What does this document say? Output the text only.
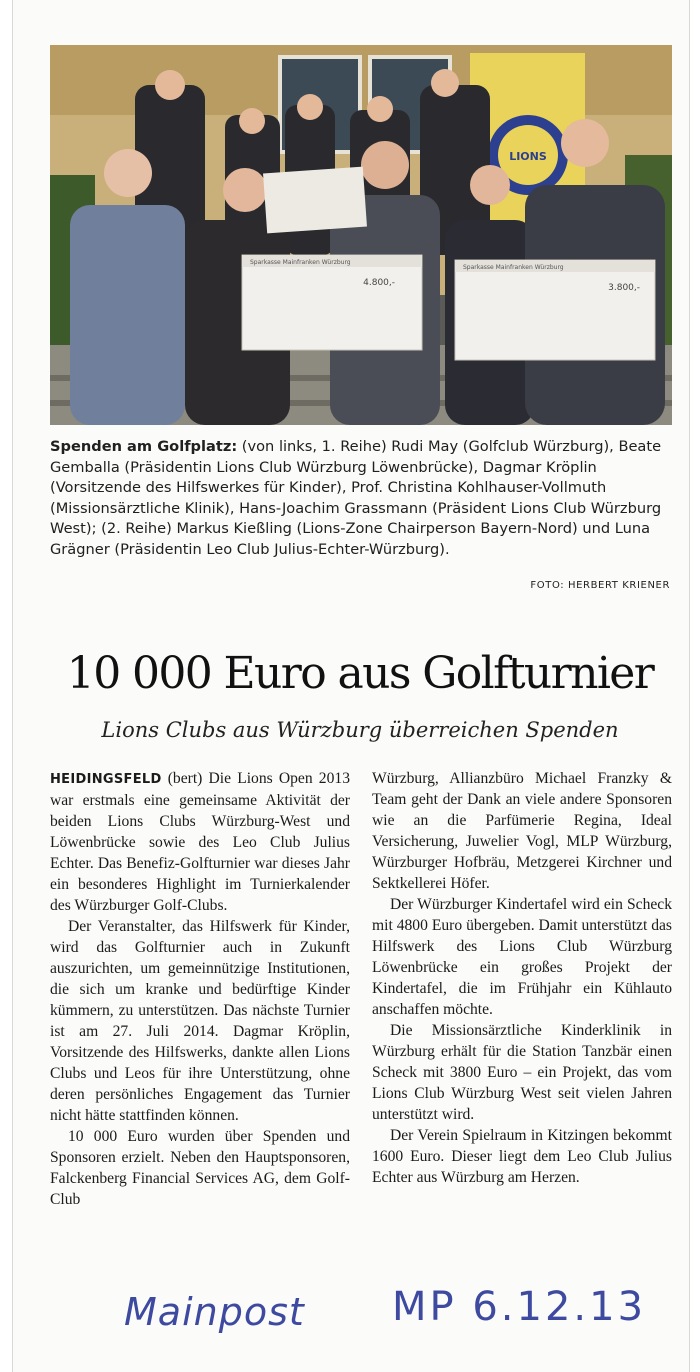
LIONS
Sparkasse Mainfranken Würzburg
4.800,-
Sparkasse Mainfranken Würzburg
3.800,-
Spenden am Golfplatz: (von links, 1. Reihe) Rudi May (Golfclub Würzburg), Beate Gemballa (Präsidentin Lions Club Würzburg Löwenbrücke), Dagmar Kröplin (Vorsitzende des Hilfswerkes für Kinder), Prof. Christina Kohlhauser-Vollmuth (Missionsärztliche Klinik), Hans-Joachim Grassmann (Präsident Lions Club Würzburg West); (2. Reihe) Markus Kießling (Lions-Zone Chairperson Bayern-Nord) und Luna Grägner (Präsidentin Leo Club Julius-Echter-Würzburg).
FOTO: HERBERT KRIENER
10 000 Euro aus Golfturnier
Lions Clubs aus Würzburg überreichen Spenden

HEIDINGSFELD (bert) Die Lions Open 2013 war erstmals eine gemeinsame Aktivität der beiden Lions Clubs Würzburg-West und Löwenbrücke sowie des Leo Club Julius Echter. Das Benefiz-Golfturnier war dieses Jahr ein besonderes Highlight im Turnierkalender des Würzburger Golf-Clubs.

Der Veranstalter, das Hilfswerk für Kinder, wird das Golfturnier auch in Zukunft auszurichten, um gemeinnützige Institutionen, die sich um kranke und bedürftige Kinder kümmern, zu unterstützen. Das nächste Turnier ist am 27. Juli 2014. Dagmar Kröplin, Vorsitzende des Hilfswerks, dankte allen Lions Clubs und Leos für ihre Unterstützung, ohne deren persönliches Engagement das Turnier nicht hätte stattfinden können.

10 000 Euro wurden über Spenden und Sponsoren erzielt. Neben den Hauptsponsoren, Falckenberg Financial Services AG, dem Golf-Club

Würzburg, Allianzbüro Michael Franzky & Team geht der Dank an viele andere Sponsoren wie an die Parfümerie Regina, Ideal Versicherung, Juwelier Vogl, MLP Würzburg, Würzburger Hofbräu, Metzgerei Kirchner und Sektkellerei Höfer.

Der Würzburger Kindertafel wird ein Scheck mit 4800 Euro übergeben. Damit unterstützt das Hilfswerk des Lions Club Würzburg Löwenbrücke ein großes Projekt der Kindertafel, die im Frühjahr ein Kühlauto anschaffen möchte.

Die Missionsärztliche Kinderklinik in Würzburg erhält für die Station Tanzbär einen Scheck mit 3800 Euro – ein Projekt, das vom Lions Club Würzburg West seit vielen Jahren unterstützt wird.

Der Verein Spielraum in Kitzingen bekommt 1600 Euro. Dieser liegt dem Leo Club Julius Echter aus Würzburg am Herzen.

Mainpost MP 6.12.13
